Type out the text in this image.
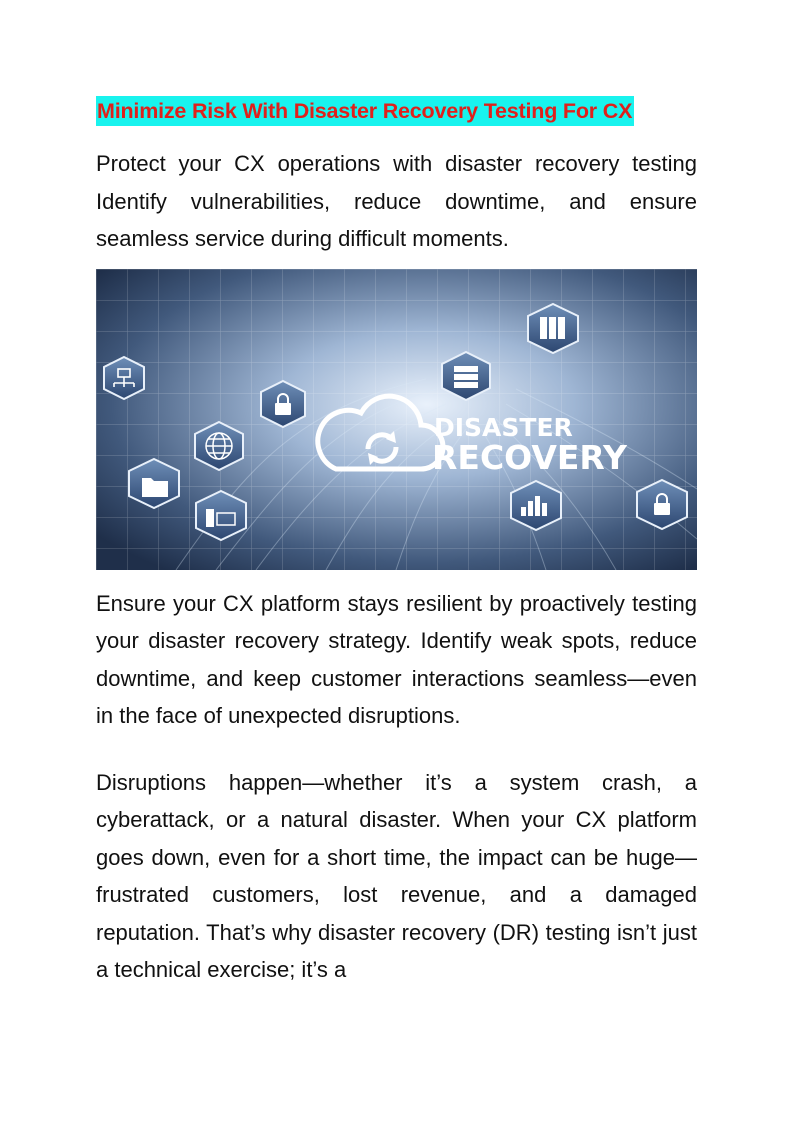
Minimize Risk With Disaster Recovery Testing For CX

Protect your CX operations with disaster recovery testing Identify vulnerabilities, reduce downtime, and ensure seamless service during difficult moments.

DISASTER
RECOVERY

Ensure your CX platform stays resilient by proactively testing your disaster recovery strategy. Identify weak spots, reduce downtime, and keep customer interactions seamless—even in the face of unexpected disruptions.

Disruptions happen—whether it’s a system crash, a cyberattack, or a natural disaster. When your CX platform goes down, even for a short time, the impact can be huge—frustrated customers, lost revenue, and a damaged reputation. That’s why disaster recovery (DR) testing isn’t just a technical exercise; it’s a
